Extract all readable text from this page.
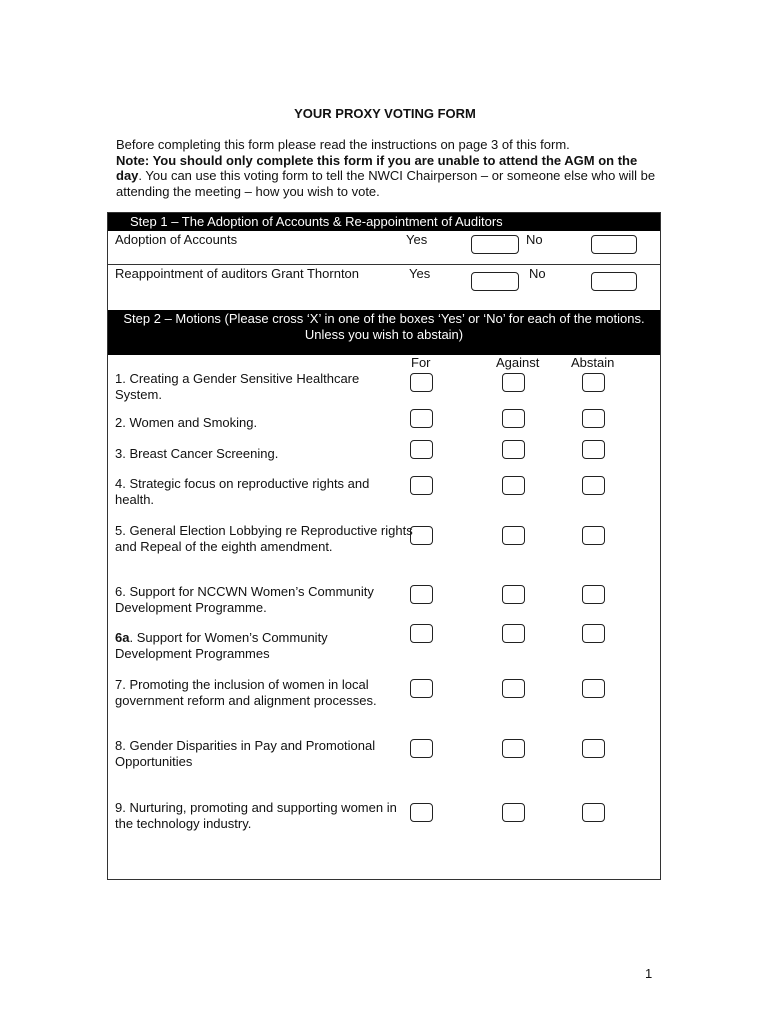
YOUR PROXY VOTING FORM
Before completing this form please read the instructions on page 3 of this form.
Note: You should only complete this form if you are unable to attend the AGM on the day. You can use this voting form to tell the NWCI Chairperson – or someone else who will be attending the meeting – how you wish to vote.
Step 1 – The Adoption of Accounts & Re-appointment of Auditors
Adoption of Accounts	Yes	No
Reappointment of auditors Grant Thornton	Yes	No
Step 2 – Motions (Please cross ‘X’ in one of the boxes ‘Yes’ or ‘No’ for each of the motions. Unless you wish to abstain)
For	Against Abstain
1. Creating a Gender Sensitive Healthcare System.
2. Women and Smoking.
3. Breast Cancer Screening.
4. Strategic focus on reproductive rights and health.
5. General Election Lobbying re Reproductive rights and Repeal of the eighth amendment.
6. Support for NCCWN Women’s Community Development Programme.
6a. Support for Women’s Community Development Programmes
7. Promoting the inclusion of women in local government reform and alignment processes.
8. Gender Disparities in Pay and Promotional Opportunities
9. Nurturing, promoting and supporting women in the technology industry.
1
